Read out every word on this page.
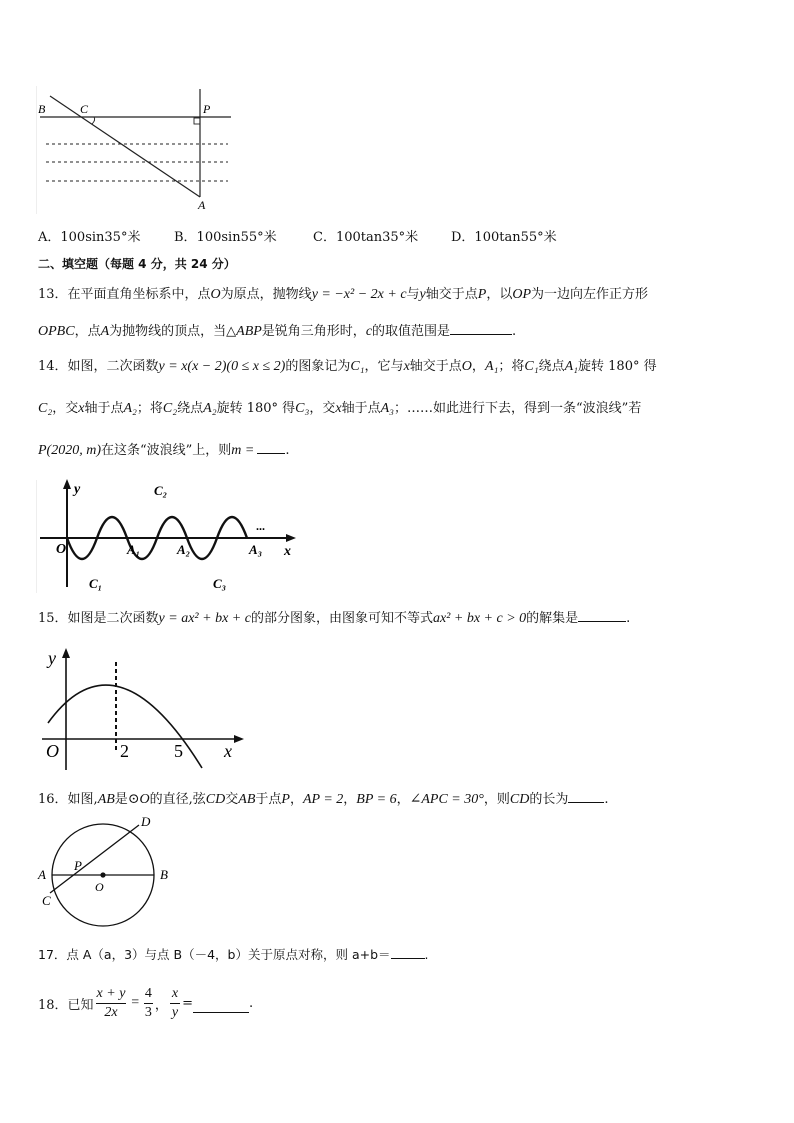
B	C	P
A
A．100sin35°米	B．100sin55°米	C．100tan35°米	D．100tan55°米
二、填空题（每题 4 分，共 24 分）
13．在平面直角坐标系中，点O为原点，抛物线y = −x² − 2x + c与y轴交于点P，以OP为一边向左作正方形
OPBC，点A为抛物线的顶点，当△ABP是锐角三角形时，c的取值范围是	.
14．如图，二次函数y = x(x − 2)(0 ≤ x ≤ 2)的图象记为C₁，它与x轴交于点O，A₁；将C₁绕点A₁旋转 180° 得
C₂，交x轴于点A₂；将C₂绕点A₂旋转 180° 得C₃，交x轴于点A₃；……如此进行下去，得到一条“波浪线”若
P(2020, m)在这条“波浪线”上，则m = .
y
O	A₁	A₂	A₃
C₁
C₂
C₃
x
...
15．如图是二次函数y = ax² + bx + c的部分图象，由图象可知不等式ax² + bx + c > 0的解集是	.
y
O	2	5 x
16．如图,AB是⊙O的直径,弦CD交AB于点P，AP = 2，BP = 6，∠APC = 30°，则CD的长为	.
A	B
C
D
P
O
17．点 A（a，3）与点 B（－4，b）关于原点对称，则 a+b＝	.
18．已知 $\frac{x + y}{2x} = \frac{4}{3}$ ， $\frac{x}{y}$ =	.
